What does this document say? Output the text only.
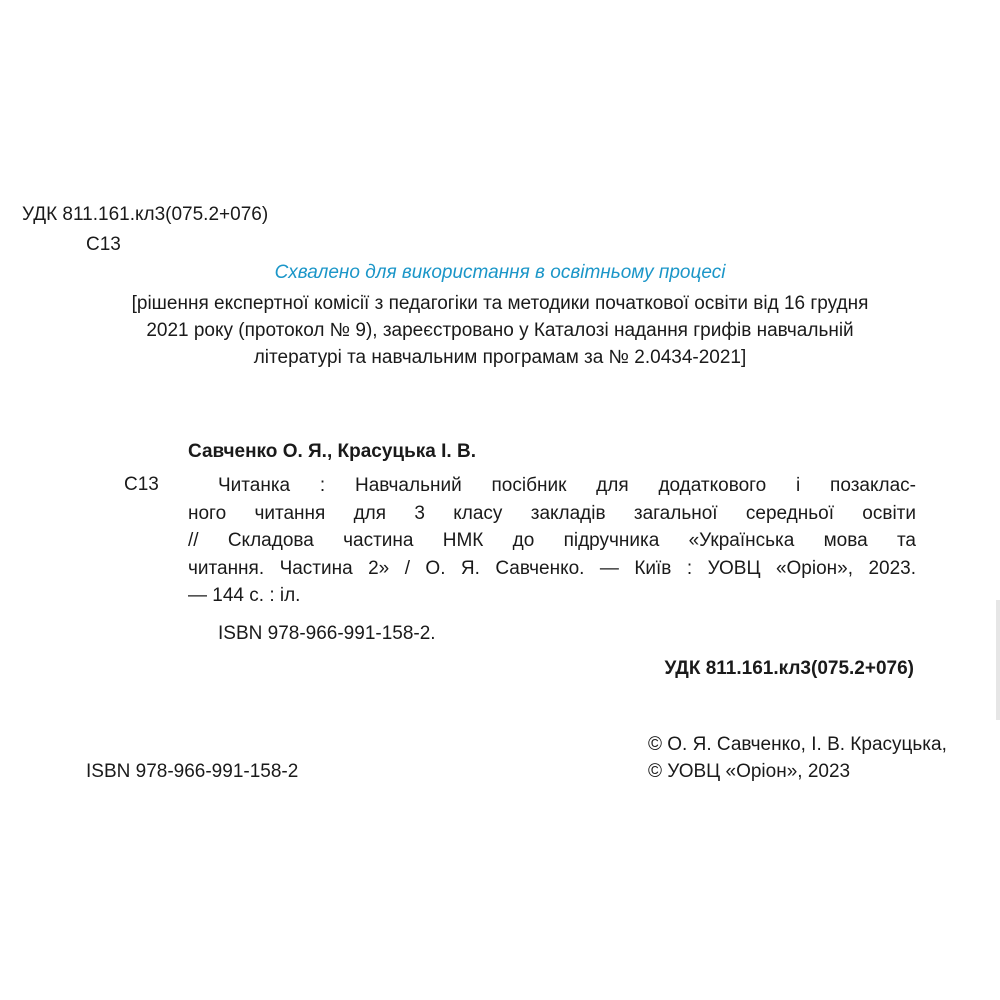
УДК 811.161.кл3(075.2+076)
С13
Схвалено для використання в освітньому процесі
[рішення експертної комісії з педагогіки та методики початкової освіти від 16 грудня
2021 року (протокол № 9), зареєстровано у Каталозі надання грифів навчальній
літературі та навчальним програмам за № 2.0434-2021]
Савченко О. Я., Красуцька І. В.
С13	Читанка : Навчальний посібник для додаткового і позаклас-
ного читання для 3 класу закладів загальної середньої освіти
// Складова частина НМК до підручника «Українська мова та
читання. Частина 2» / О. Я. Савченко. — Київ : УОВЦ «Оріон», 2023.
— 144 с. : іл.
ISBN 978-966-991-158-2.
УДК 811.161.кл3(075.2+076)
© О. Я. Савченко, І. В. Красуцька,
© УОВЦ «Оріон», 2023
ISBN 978-966-991-158-2
